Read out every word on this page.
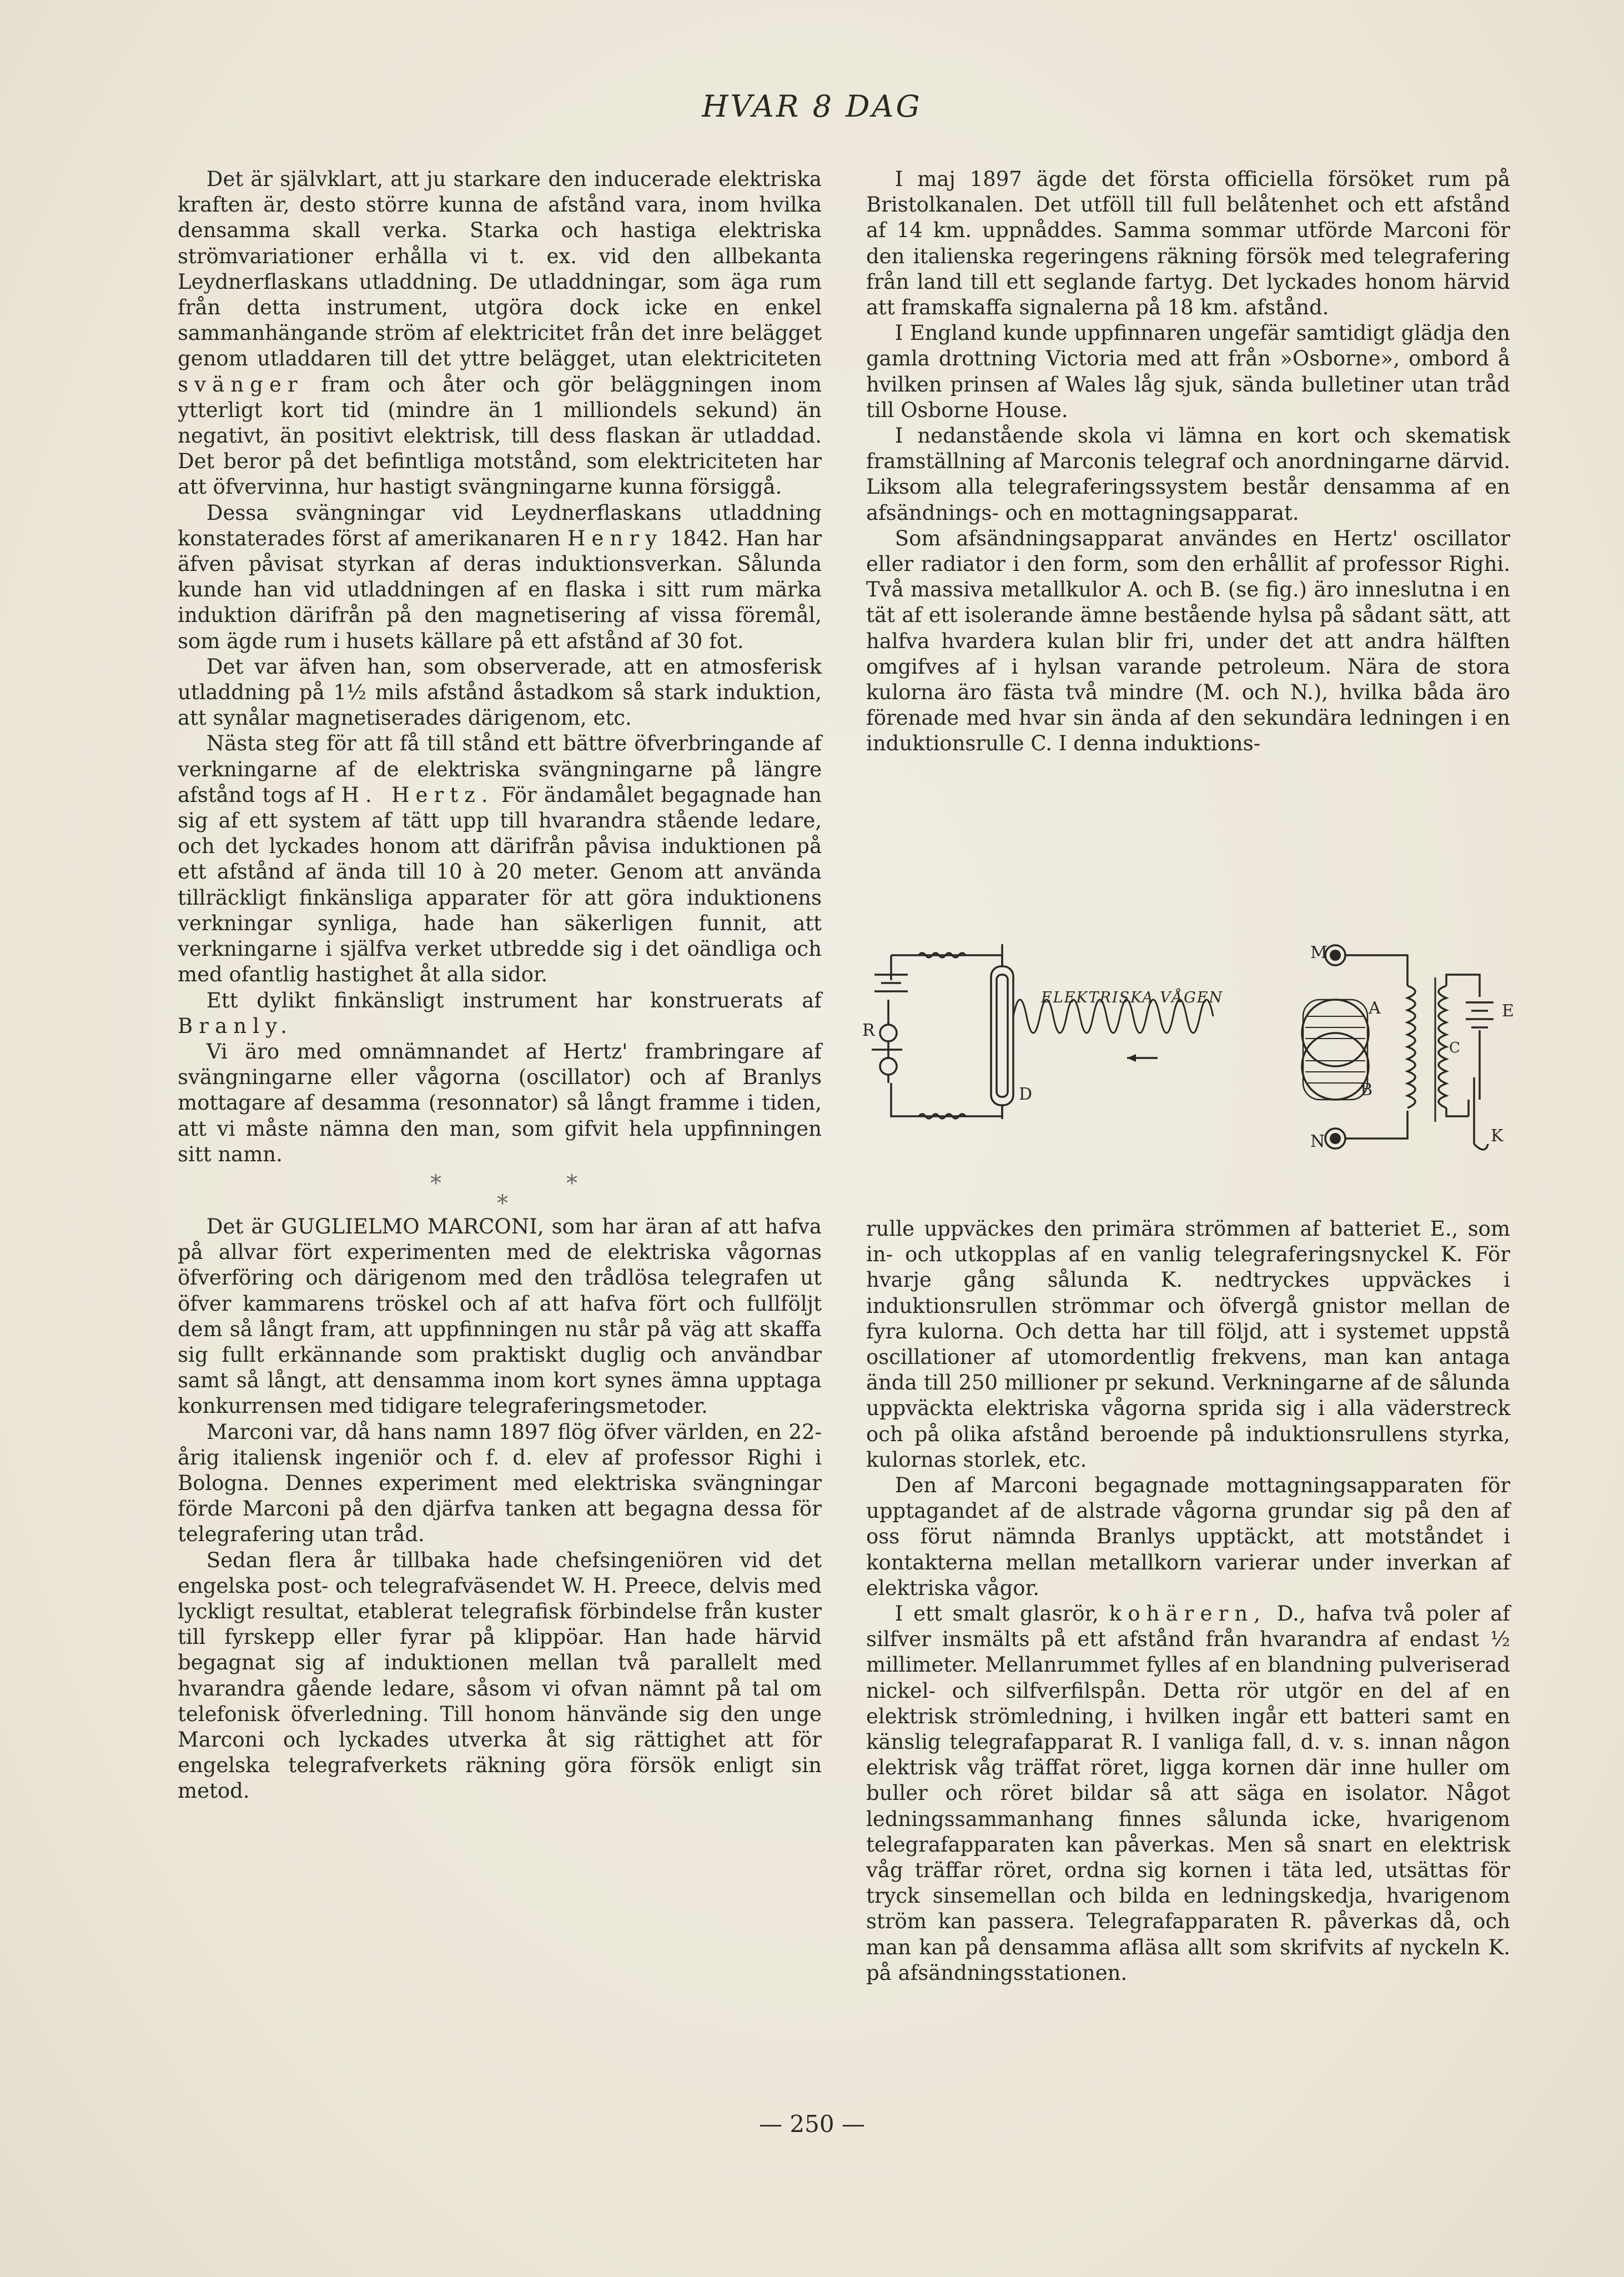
HVAR 8 DAG

Det är självklart, att ju starkare den inducerade elektriska kraften är, desto större kunna de afstånd vara, inom hvilka densamma skall verka. Starka och hastiga elektriska strömvariationer erhålla vi t. ex. vid den allbekanta Leydnerflaskans utladdning. De utladdningar, som äga rum från detta instrument, utgöra dock icke en enkel sammanhängande ström af elektricitet från det inre belägget genom utladdaren till det yttre belägget, utan elektriciteten svänger fram och åter och gör beläggningen inom ytterligt kort tid (mindre än 1 milliondels sekund) än negativt, än positivt elektrisk, till dess flaskan är utladdad. Det beror på det befintliga motstånd, som elektriciteten har att öfvervinna, hur hastigt svängningarne kunna försiggå.

Dessa svängningar vid Leydnerflaskans utladdning konstaterades först af amerikanaren Henry 1842. Han har äfven påvisat styrkan af deras induktionsverkan. Sålunda kunde han vid utladdningen af en flaska i sitt rum märka induktion därifrån på den magnetisering af vissa föremål, som ägde rum i husets källare på ett afstånd af 30 fot.

Det var äfven han, som observerade, att en atmosferisk utladdning på 1½ mils afstånd åstadkom så stark induktion, att synålar magnetiserades därigenom, etc.

Nästa steg för att få till stånd ett bättre öfverbringande af verkningarne af de elektriska svängningarne på längre afstånd togs af H. Hertz. För ändamålet begagnade han sig af ett system af tätt upp till hvarandra stående ledare, och det lyckades honom att därifrån påvisa induktionen på ett afstånd af ända till 10 à 20 meter. Genom att använda tillräckligt finkänsliga apparater för att göra induktionens verkningar synliga, hade han säkerligen funnit, att verkningarne i själfva verket utbredde sig i det oändliga och med ofantlig hastighet åt alla sidor.

Ett dylikt finkänsligt instrument har konstruerats af Branly.

Vi äro med omnämnandet af Hertz' frambringare af svängningarne eller vågorna (oscillator) och af Branlys mottagare af desamma (resonnator) så långt framme i tiden, att vi måste nämna den man, som gifvit hela uppfinningen sitt namn.

*	*
*

Det är GUGLIELMO MARCONI, som har äran af att hafva på allvar fört experimenten med de elektriska vågornas öfverföring och därigenom med den trådlösa telegrafen ut öfver kammarens tröskel och af att hafva fört och fullföljt dem så långt fram, att uppfinningen nu står på väg att skaffa sig fullt erkännande som praktiskt duglig och användbar samt så långt, att densamma inom kort synes ämna upptaga konkurrensen med tidigare telegraferingsmetoder.

Marconi var, då hans namn 1897 flög öfver världen, en 22-årig italiensk ingeniör och f. d. elev af professor Righi i Bologna. Dennes experiment med elektriska svängningar förde Marconi på den djärfva tanken att begagna dessa för telegrafering utan tråd.

Sedan flera år tillbaka hade chefsingeniören vid det engelska post- och telegrafväsendet W. H. Preece, delvis med lyckligt resultat, etablerat telegrafisk förbindelse från kuster till fyrskepp eller fyrar på klippöar. Han hade härvid begagnat sig af induktionen mellan två parallelt med hvarandra gående ledare, såsom vi ofvan nämnt på tal om telefonisk öfverledning. Till honom hänvände sig den unge Marconi och lyckades utverka åt sig rättighet att för engelska telegrafverkets räkning göra försök enligt sin metod.

I maj 1897 ägde det första officiella försöket rum på Bristolkanalen. Det utföll till full belåtenhet och ett afstånd af 14 km. uppnåddes. Samma sommar utförde Marconi för den italienska regeringens räkning försök med telegrafering från land till ett seglande fartyg. Det lyckades honom härvid att framskaffa signalerna på 18 km. afstånd.

I England kunde uppfinnaren ungefär samtidigt glädja den gamla drottning Victoria med att från »Osborne», ombord å hvilken prinsen af Wales låg sjuk, sända bulletiner utan tråd till Osborne House.

I nedanstående skola vi lämna en kort och skematisk framställning af Marconis telegraf och anordningarne därvid. Liksom alla telegraferingssystem består densamma af en afsändnings- och en mottagningsapparat.

Som afsändningsapparat användes en Hertz' oscillator eller radiator i den form, som den erhållit af professor Righi. Två massiva metallkulor A. och B. (se fig.) äro inneslutna i en tät af ett isolerande ämne bestående hylsa på sådant sätt, att halfva hvardera kulan blir fri, under det att andra hälften omgifves af i hylsan varande petroleum. Nära de stora kulorna äro fästa två mindre (M. och N.), hvilka båda äro förenade med hvar sin ända af den sekundära ledningen i en induktionsrulle C. I denna induktions-

ELEKTRISKA VÅGEN
R
D
M
A
B
N
C
E
K

rulle uppväckes den primära strömmen af batteriet E., som in- och utkopplas af en vanlig telegraferingsnyckel K. För hvarje gång sålunda K. nedtryckes uppväckes i induktionsrullen strömmar och öfvergå gnistor mellan de fyra kulorna. Och detta har till följd, att i systemet uppstå oscillationer af utomordentlig frekvens, man kan antaga ända till 250 millioner pr sekund. Verkningarne af de sålunda uppväckta elektriska vågorna sprida sig i alla väderstreck och på olika afstånd beroende på induktionsrullens styrka, kulornas storlek, etc.

Den af Marconi begagnade mottagningsapparaten för upptagandet af de alstrade vågorna grundar sig på den af oss förut nämnda Branlys upptäckt, att motståndet i kontakterna mellan metallkorn varierar under inverkan af elektriska vågor.

I ett smalt glasrör, kohärern, D., hafva två poler af silfver insmälts på ett afstånd från hvarandra af endast ½ millimeter. Mellanrummet fylles af en blandning pulveriserad nickel- och silfverfilspån. Detta rör utgör en del af en elektrisk strömledning, i hvilken ingår ett batteri samt en känslig telegrafapparat R. I vanliga fall, d. v. s. innan någon elektrisk våg träffat röret, ligga kornen där inne huller om buller och röret bildar så att säga en isolator. Något ledningssammanhang finnes sålunda icke, hvarigenom telegrafapparaten kan påverkas. Men så snart en elektrisk våg träffar röret, ordna sig kornen i täta led, utsättas för tryck sinsemellan och bilda en ledningskedja, hvarigenom ström kan passera. Telegrafapparaten R. påverkas då, och man kan på densamma afläsa allt som skrifvits af nyckeln K. på afsändningsstationen.

— 250 —
